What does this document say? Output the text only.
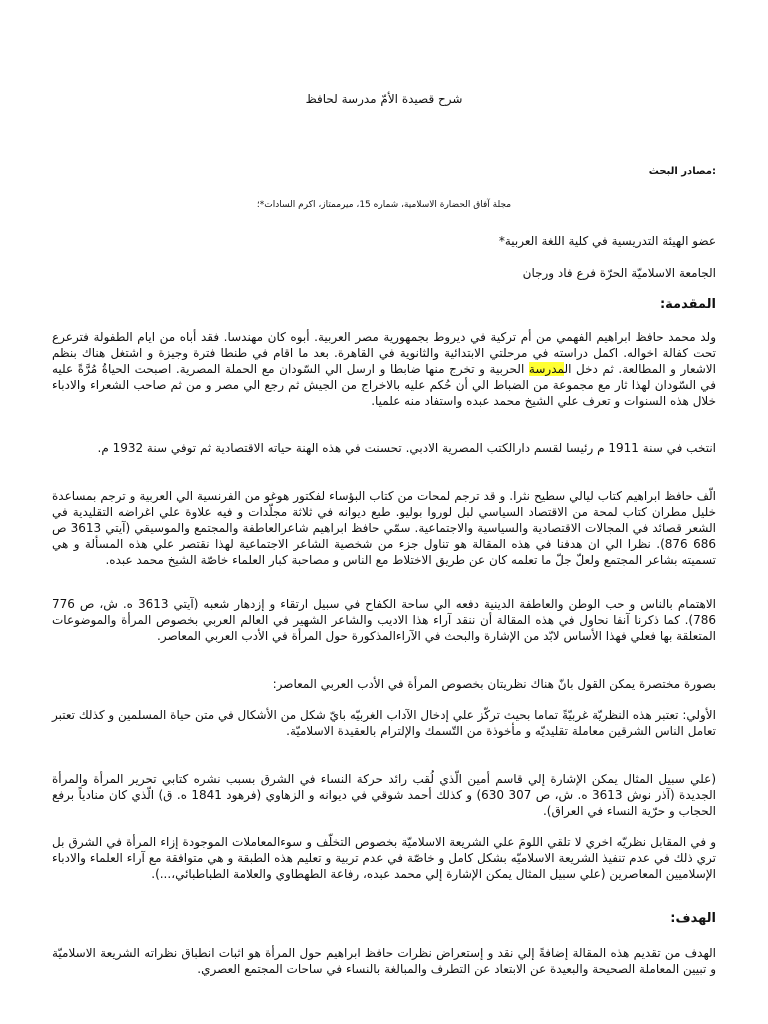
شرح قصيدة الأمّ مدرسة لحافظ
:مصادر البحث
مجلة آفاق الحضارة الاسلامية، شماره 15، ميرممتاز، اكرم السادات*؛
عضو الهيئة التدريسية في كلية اللغة العربية*
الجامعة الاسلاميّة الحرّة فرع فاد ورجان
المقدمة:

ولد محمد حافظ ابراهيم الفهمي من أم تركية في ديروط بجمهورية مصر العربية. أبوه كان مهندسا. فقد أباه من ايام الطفولة فترعرع تحت كفالة اخواله. اكمل دراسته في مرحلتي الابتدائية والثانوية في القاهرة. بعد ما اقام في طنطا فترة وجيزة و اشتغل هناك بنظم الاشعار و المطالعة. ثم دخل المدرسة الحربية و تخرج منها ضابطا و ارسل الي السّودان مع الحملة المصرية. اصبحت الحياةُ مُرَّةً عليه في السّودان لهذا ثار مع مجموعة من الضباط الي أن حُكم عليه بالاخراج من الجيش ثم رجع الي مصر و من ثم صاحب الشعراء والادباء خلال هذه السنوات و تعرف علي الشيخ محمد عبده واستفاد منه علميا.

انتخب في سنة 1911 م رئيسا لقسم دارالكتب المصرية الادبي. تحسنت في هذه الهنة حياته الاقتصادية ثم توفي سنة 1932 م.

الّف حافظ ابراهيم كتاب ليالي سطيح نثرا. و قد ترجم لمحات من كتاب البؤساء لفكتور هوغو من الفرنسية الي العربية و ترجم بمساعدة خليل مطران كتاب لمحة من الاقتصاد السياسي لبل لوروا بوليو. طبع ديوانه في ثلاثة مجلّدات و فيه علاوة علي اغراضه التقليدية في الشعر قصائد في المجالات الاقتصادية والسياسية والاجتماعية. سمّي حافظ ابراهيم شاعرالعاطفة والمجتمع والموسيقي (آيتي 3613 ص 686 876). نظرا الي ان هدفنا في هذه المقالة هو تناول جزء من شخصية الشاعر الاجتماعية لهذا نقتصر علي هذه المسألة و هي تسميته بشاعر المجتمع ولعلّ جلّ ما تعلمه كان عن طريق الاختلاط مع الناس و مصاحبة كبار العلماء خاصّة الشيخ محمد عبده.

الاهتمام بالناس و حب الوطن والعاطفة الدينية دفعه الي ساحة الكفاح في سبيل ارتقاء و إزدهار شعبه (آيتي 3613 ه. ش، ص 776 786). كما ذكرنا آنفا نحاول في هذه المقالة أن ننقد آراء هذا الاديب والشاعر الشهير في العالم العربي بخصوص المرأة والموضوعات المتعلقة بها فعلي فهذا الأساس لابّد من الإشارة والبحث في الآراءالمذكورة حول المرأة في الأدب العربي المعاصر.

بصورة مختصرة يمكن القول بانّ هناك نظريتان بخصوص المرأة في الأدب العربي المعاصر:

الأولي: تعتبر هذه النظريّة غربيّةً تماما بحيث تركّز علي إدخال الآداب الغربيّه بايّ شكل من الأشكال في متن حياة المسلمين و كذلك تعتبر تعامل الناس الشرقين معاملة تقليديّه و مأخوذة من التّسمك والإلترام بالعقيدة الاسلاميّة.

(علي سبيل المثال يمكن الإشارة إلي قاسم أمين الّذي لُقب رائد حركة النساء في الشرق بسبب نشره كتابي تحرير المرأة والمرأة الجديدة (آذر نوش 3613 ه. ش، ص 307 630) و كذلك أحمد شوقي في ديوانه و الزهاوي (فرهود 1841 ه. ق) الّذي كان منادياً برفع الحجاب و حرّية النساء في العراق).

و في المقابل نظريّه اخري لا تلقي اللومَ علي الشريعة الاسلاميّة بخصوص التخلّف و سوءالمعاملات الموجودة إزاء المرأة في الشرق بل تري ذلك في عدم تنفيذ الشريعة الاسلاميّه بشكل كامل و خاصّة في عدم تربية و تعليم هذه الطبقة و هي متوافقة مع آراء العلماء والادباء الإسلاميين المعاصرين (علي سبيل المثال يمكن الإشارة إلي محمد عبده، رفاعة الطهطاوي والعلامة الطباطبائي،...).

الهدف:

الهدف من تقديم هذه المقالة إضافةً إلي نقد و إستعراض نظرات حافظ ابراهيم حول المرأة هو اثبات انطباق نظراته الشريعة الاسلاميّة و تبيين المعاملة الصحيحة والبعيدة عن الابتعاد عن التطرف والمبالغة بالنساء في ساحات المجتمع العصري.
